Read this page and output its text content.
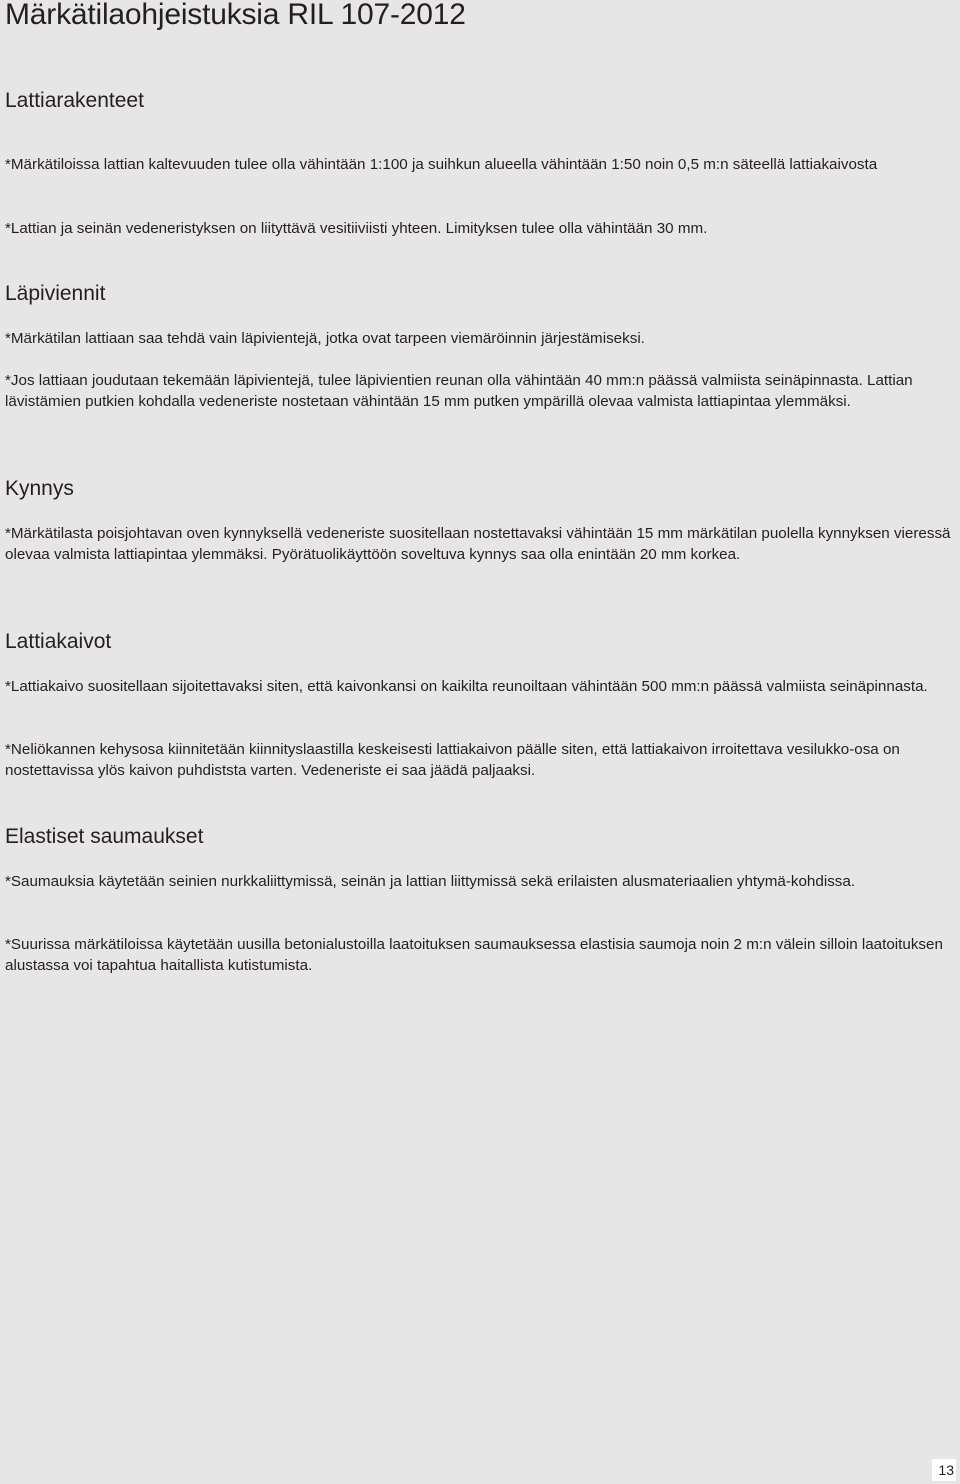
Märkätilaohjeistuksia RIL 107-2012
Lattiarakenteet

*Märkätiloissa lattian kaltevuuden tulee olla vähintään 1:100 ja suihkun alueella vähintään 1:50 noin 0,5 m:n säteellä lattiakaivosta

*Lattian ja seinän vedeneristyksen on liityttävä vesitiiviisti yhteen. Limityksen tulee olla vähintään 30 mm.

Läpiviennit

*Märkätilan lattiaan saa tehdä vain läpivientejä, jotka ovat tarpeen viemäröinnin järjestämiseksi.

*Jos lattiaan joudutaan tekemään läpivientejä, tulee läpivientien reunan olla vähintään 40 mm:n päässä valmiista seinäpinnasta. Lattian lävistämien putkien kohdalla vedeneriste nostetaan vähintään 15 mm putken ympärillä olevaa valmista lattiapintaa ylemmäksi.

Kynnys

*Märkätilasta poisjohtavan oven kynnyksellä vedeneriste suositellaan nostettavaksi vähintään 15 mm märkätilan puolella kynnyksen vieressä olevaa valmista lattiapintaa ylemmäksi. Pyörätuolikäyttöön soveltuva kynnys saa olla enintään 20 mm korkea.

Lattiakaivot

*Lattiakaivo suositellaan sijoitettavaksi siten, että kaivonkansi on kaikilta reunoiltaan vähintään 500 mm:n päässä valmiista seinäpinnasta.

*Neliökannen kehysosa kiinnitetään kiinnityslaastilla keskeisesti lattiakaivon päälle siten, että lattiakaivon irroitettava vesilukko-osa on nostettavissa ylös kaivon puhdiststa varten. Vedeneriste ei saa jäädä paljaaksi.

Elastiset saumaukset

*Saumauksia käytetään seinien nurkkaliittymissä, seinän ja lattian liittymissä sekä erilaisten alusmateriaalien yhtymä-kohdissa.

*Suurissa märkätiloissa käytetään uusilla betonialustoilla laatoituksen saumauksessa elastisia saumoja noin 2 m:n välein silloin laatoituksen alustassa voi tapahtua haitallista kutistumista.

13
